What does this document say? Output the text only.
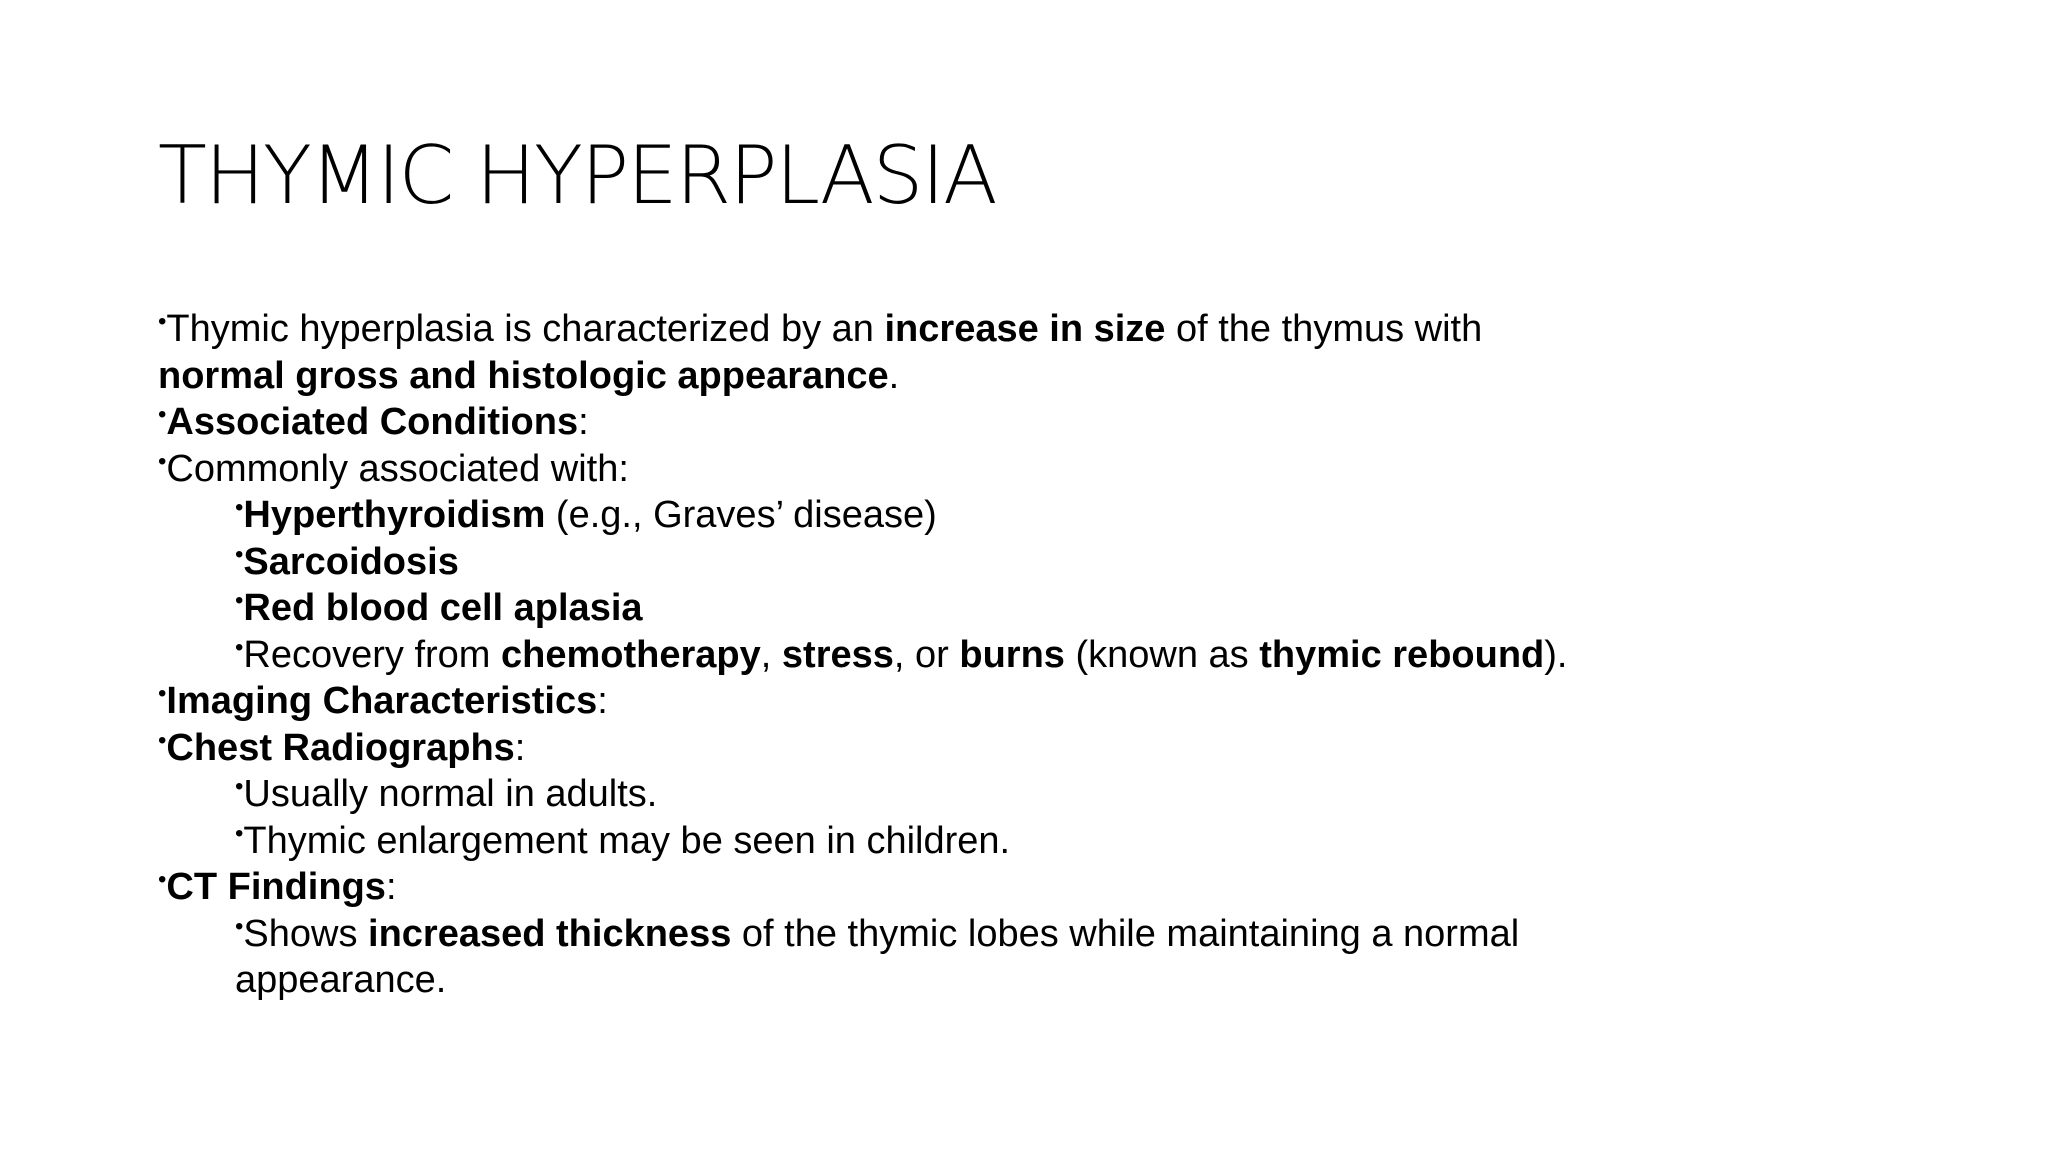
THYMIC HYPERPLASIA
•Thymic hyperplasia is characterized by an increase in size of the thymus with normal gross and histologic appearance.
•Associated Conditions:
•Commonly associated with:
•Hyperthyroidism (e.g., Graves’ disease)
•Sarcoidosis
•Red blood cell aplasia
•Recovery from chemotherapy, stress, or burns (known as thymic rebound).
•Imaging Characteristics:
•Chest Radiographs:
•Usually normal in adults.
•Thymic enlargement may be seen in children.
•CT Findings:
•Shows increased thickness of the thymic lobes while maintaining a normal appearance.
